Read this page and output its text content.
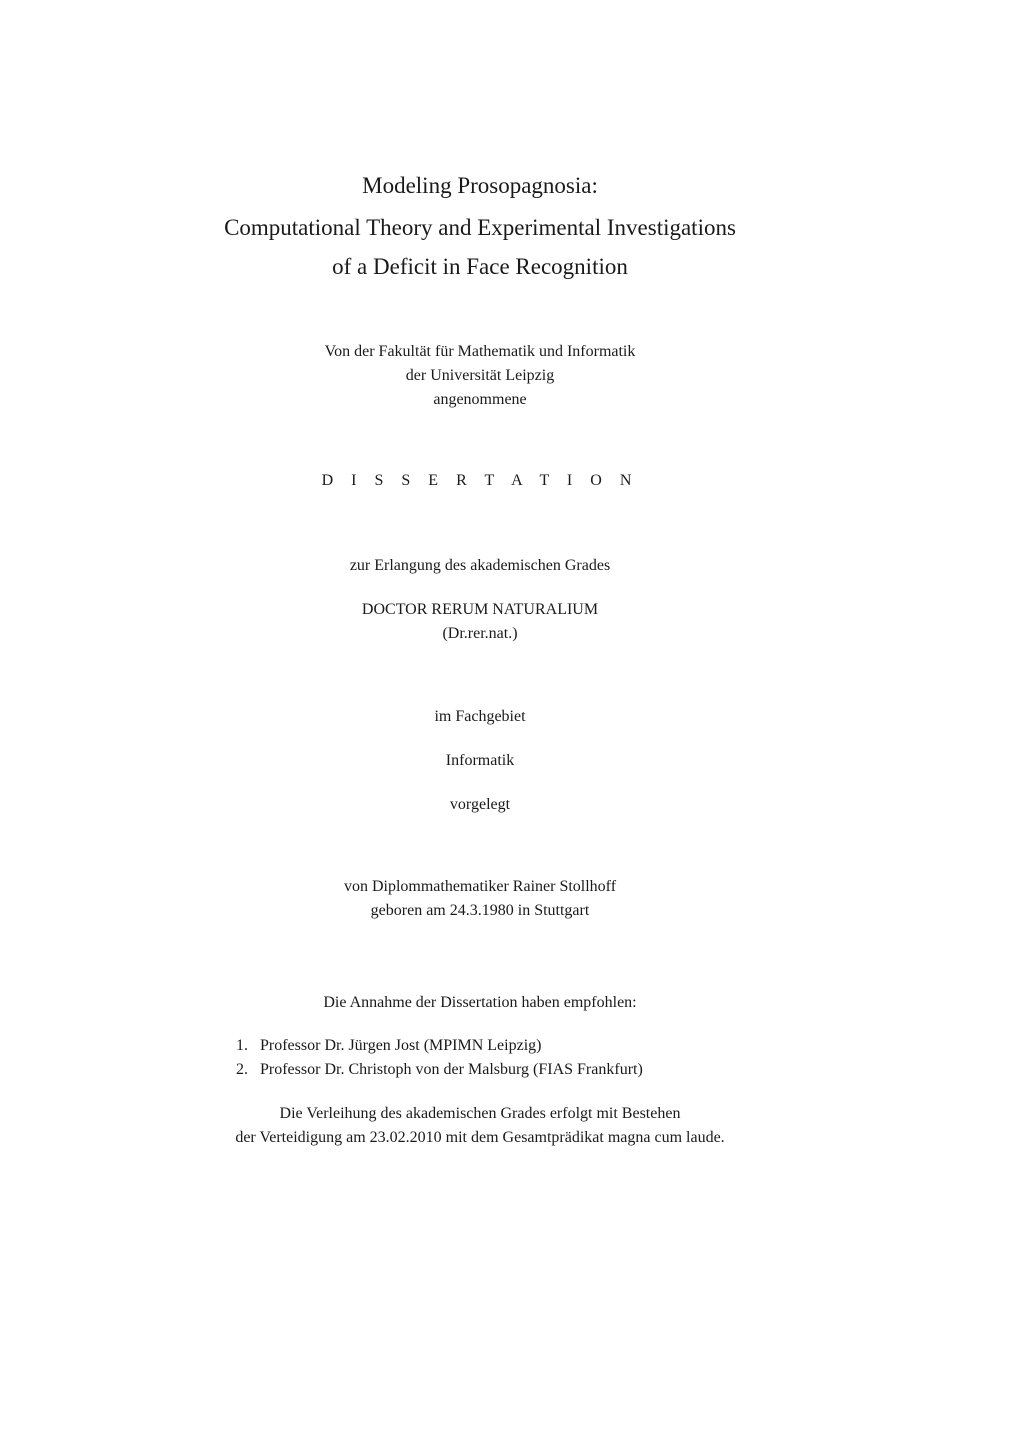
Modeling Prosopagnosia:
Computational Theory and Experimental Investigations
of a Deficit in Face Recognition
Von der Fakultät für Mathematik und Informatik
der Universität Leipzig
angenommene
D I S S E R T A T I O N
zur Erlangung des akademischen Grades
DOCTOR RERUM NATURALIUM
(Dr.rer.nat.)
im Fachgebiet
Informatik
vorgelegt
von Diplommathematiker Rainer Stollhoff
geboren am 24.3.1980 in Stuttgart
Die Annahme der Dissertation haben empfohlen:
1. Professor Dr. Jürgen Jost (MPIMN Leipzig)
2. Professor Dr. Christoph von der Malsburg (FIAS Frankfurt)
Die Verleihung des akademischen Grades erfolgt mit Bestehen
der Verteidigung am 23.02.2010 mit dem Gesamtprädikat magna cum laude.
